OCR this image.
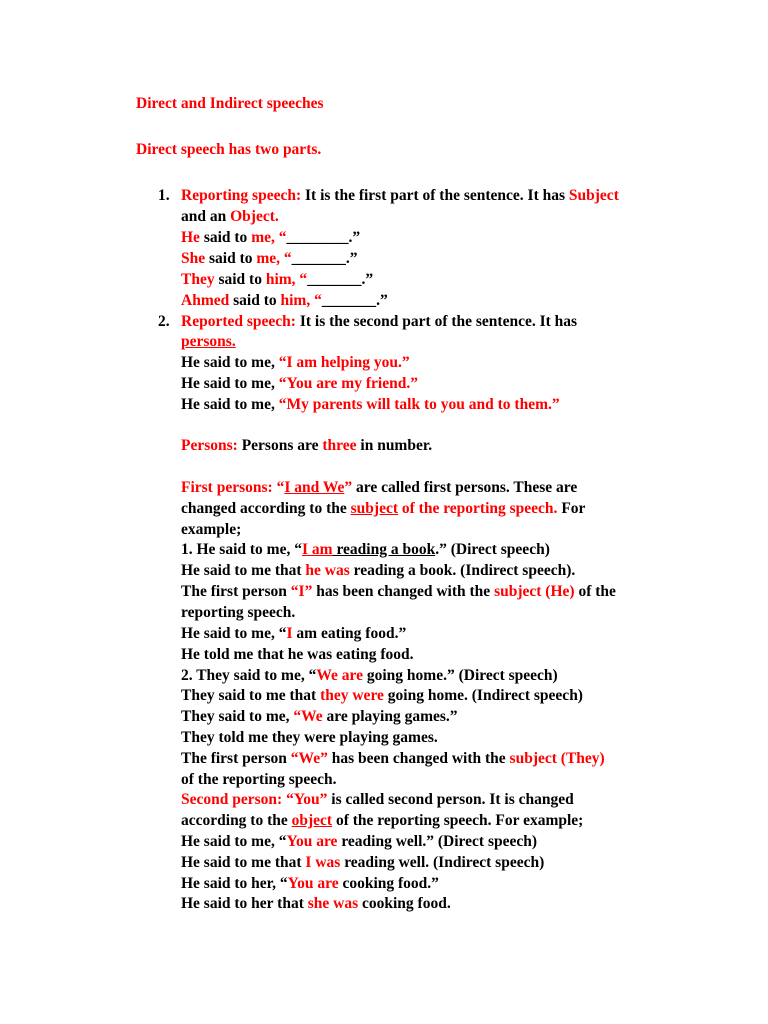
Direct and Indirect speeches
Direct speech has two parts.
1. Reporting speech: It is the first part of the sentence. It has Subject
and an Object.
He said to me, “________.”
She said to me, “_______.”
They said to him, “_______.”
Ahmed said to him, “_______.”
2. Reported speech: It is the second part of the sentence. It has
persons.
He said to me, “I am helping you.”
He said to me, “You are my friend.”
He said to me, “My parents will talk to you and to them.”
Persons: Persons are three in number.
First persons: “I and We” are called first persons. These are
changed according to the subject of the reporting speech. For
example;
1. He said to me, “I am reading a book.” (Direct speech)
He said to me that he was reading a book. (Indirect speech).
The first person “I” has been changed with the subject (He) of the
reporting speech.
He said to me, “I am eating food.”
He told me that he was eating food.
2. They said to me, “We are going home.” (Direct speech)
They said to me that they were going home. (Indirect speech)
They said to me, “We are playing games.”
They told me they were playing games.
The first person “We” has been changed with the subject (They)
of the reporting speech.
Second person: “You” is called second person. It is changed
according to the object of the reporting speech. For example;
He said to me, “You are reading well.” (Direct speech)
He said to me that I was reading well. (Indirect speech)
He said to her, “You are cooking food.”
He said to her that she was cooking food.
